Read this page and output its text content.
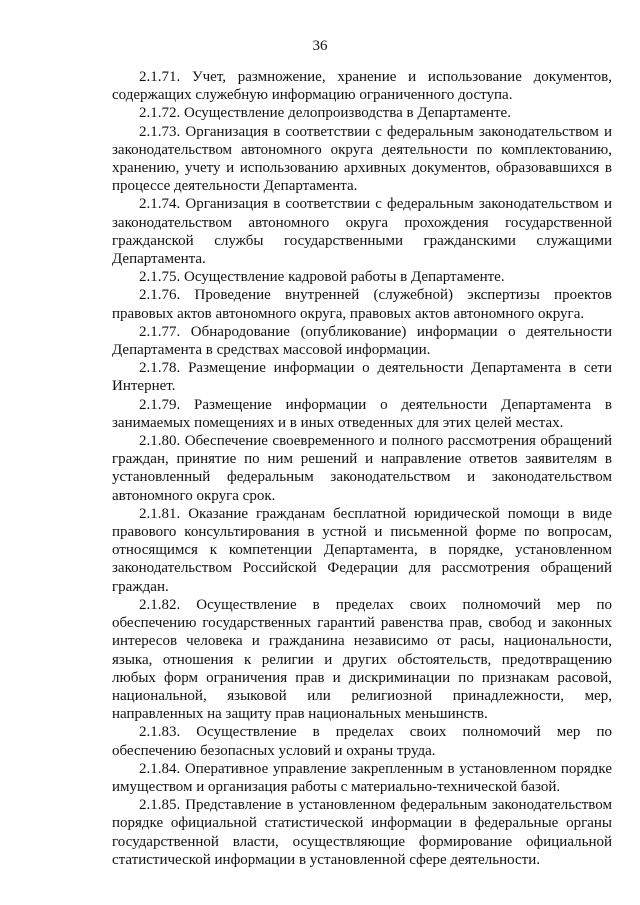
36

2.1.71. Учет, размножение, хранение и использование документов, содержащих служебную информацию ограниченного доступа.

2.1.72. Осуществление делопроизводства в Департаменте.

2.1.73. Организация в соответствии с федеральным законодательством и законодательством автономного округа деятельности по комплектованию, хранению, учету и использованию архивных документов, образовавшихся в процессе деятельности Департамента.

2.1.74. Организация в соответствии с федеральным законодательством и законодательством автономного округа прохождения государственной гражданской службы государственными гражданскими служащими Департамента.

2.1.75. Осуществление кадровой работы в Департаменте.

2.1.76. Проведение внутренней (служебной) экспертизы проектов правовых актов автономного округа, правовых актов автономного округа.

2.1.77. Обнародование (опубликование) информации о деятельности Департамента в средствах массовой информации.

2.1.78. Размещение информации о деятельности Департамента в сети Интернет.

2.1.79. Размещение информации о деятельности Департамента в занимаемых помещениях и в иных отведенных для этих целей местах.

2.1.80. Обеспечение своевременного и полного рассмотрения обращений граждан, принятие по ним решений и направление ответов заявителям в установленный федеральным законодательством и законодательством автономного округа срок.

2.1.81. Оказание гражданам бесплатной юридической помощи в виде правового консультирования в устной и письменной форме по вопросам, относящимся к компетенции Департамента, в порядке, установленном законодательством Российской Федерации для рассмотрения обращений граждан.

2.1.82. Осуществление в пределах своих полномочий мер по обеспечению государственных гарантий равенства прав, свобод и законных интересов человека и гражданина независимо от расы, национальности, языка, отношения к религии и других обстоятельств, предотвращению любых форм ограничения прав и дискриминации по признакам расовой, национальной, языковой или религиозной принадлежности, мер, направленных на защиту прав национальных меньшинств.

2.1.83. Осуществление в пределах своих полномочий мер по обеспечению безопасных условий и охраны труда.

2.1.84. Оперативное управление закрепленным в установленном порядке имуществом и организация работы с материально-технической базой.

2.1.85. Представление в установленном федеральным законодательством порядке официальной статистической информации в федеральные органы государственной власти, осуществляющие формирование официальной статистической информации в установленной сфере деятельности.
